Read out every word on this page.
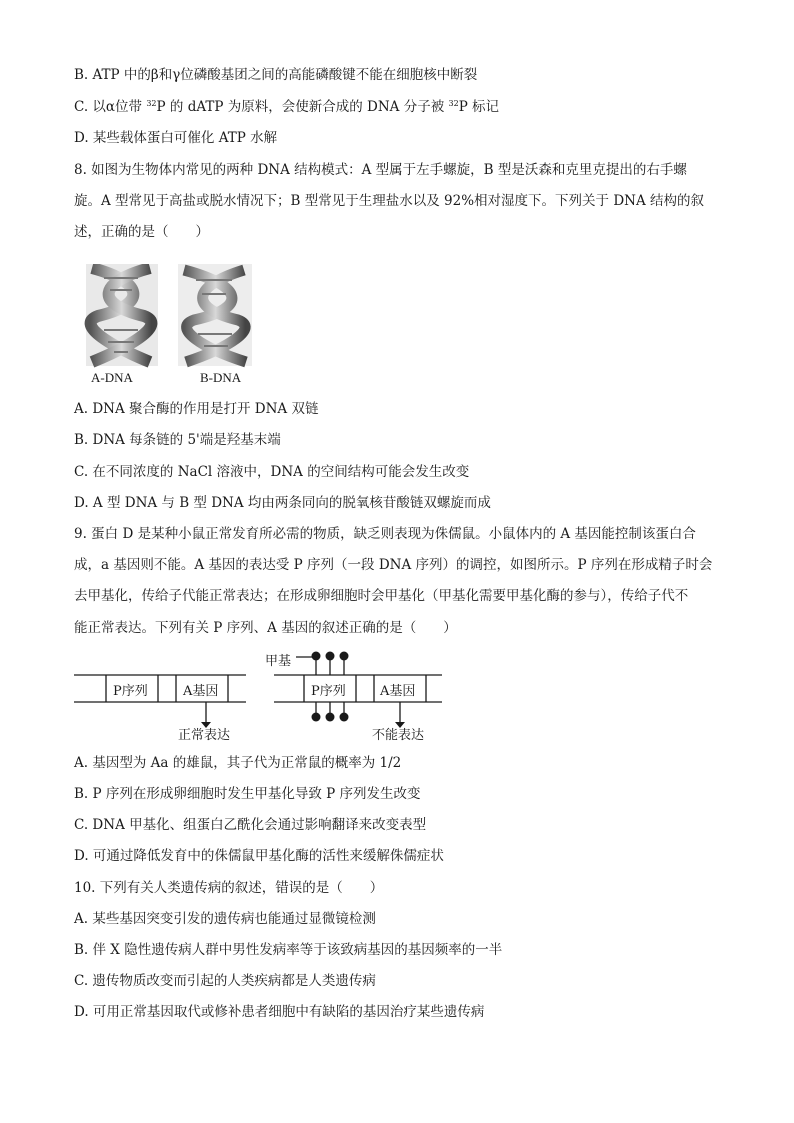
B. ATP 中的β和γ位磷酸基团之间的高能磷酸键不能在细胞核中断裂
C. 以α位带 $^{32}$P 的 dATP 为原料，会使新合成的 DNA 分子被 $^{32}$P 标记
D. 某些载体蛋白可催化 ATP 水解
8. 如图为生物体内常见的两种 DNA 结构模式：A 型属于左手螺旋，B 型是沃森和克里克提出的右手螺
旋。A 型常见于高盐或脱水情况下；B 型常见于生理盐水以及 92%相对湿度下。下列关于 DNA 结构的叙
述，正确的是（　　）
A-DNA	B-DNA
A. DNA 聚合酶的作用是打开 DNA 双链
B. DNA 每条链的 5'端是羟基末端
C. 在不同浓度的 NaCl 溶液中，DNA 的空间结构可能会发生改变
D. A 型 DNA 与 B 型 DNA 均由两条同向的脱氧核苷酸链双螺旋而成
9. 蛋白 D 是某种小鼠正常发育所必需的物质，缺乏则表现为侏儒鼠。小鼠体内的 A 基因能控制该蛋白合
成，a 基因则不能。A 基因的表达受 P 序列（一段 DNA 序列）的调控，如图所示。P 序列在形成精子时会
去甲基化，传给子代能正常表达；在形成卵细胞时会甲基化（甲基化需要甲基化酶的参与），传给子代不
能正常表达。下列有关 P 序列、A 基因的叙述正确的是（　　）
甲基
P序列	A基因	P序列	A基因
正常表达	不能表达
A. 基因型为 Aa 的雄鼠，其子代为正常鼠的概率为 1/2
B. P 序列在形成卵细胞时发生甲基化导致 P 序列发生改变
C. DNA 甲基化、组蛋白乙酰化会通过影响翻译来改变表型
D. 可通过降低发育中的侏儒鼠甲基化酶的活性来缓解侏儒症状
10. 下列有关人类遗传病的叙述，错误的是（　　）
A. 某些基因突变引发的遗传病也能通过显微镜检测
B. 伴 X 隐性遗传病人群中男性发病率等于该致病基因的基因频率的一半
C. 遗传物质改变而引起的人类疾病都是人类遗传病
D. 可用正常基因取代或修补患者细胞中有缺陷的基因治疗某些遗传病
